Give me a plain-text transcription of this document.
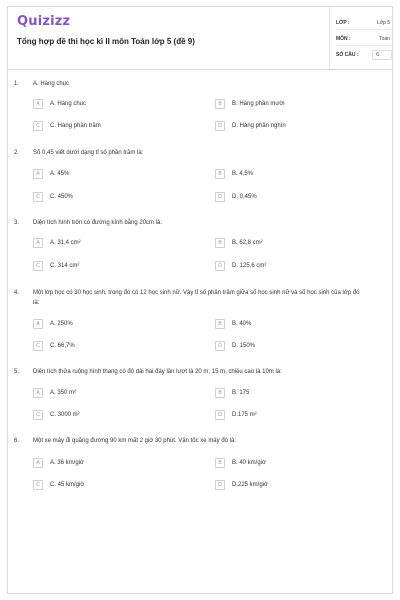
Quizizz
Tổng hợp đề thi học kì II môn Toán lớp 5 (đề 9)
LỚP :	Lớp 5
MÔN :	Toán
SỐ CÂU :	6
1. A. Hàng chục
A	A. Hàng chục	B	B. Hàng phần mười
C	C. Hàng phần trăm	D	D. Hàng phần nghìn
2. Số 0,45 viết dưới dạng tỉ số phần trăm là:
A	A. 45%	B	B. 4,5%
C	C. 450%	D	D. 0,45%
3. Diện tích hình tròn có đường kính bằng 20cm là:
A	A. 31,4 cm²	B	B. 62,8 cm²
C	C. 314 cm²	D	D. 125,6 cm²
4. Một lớp học có 30 học sinh, trong đó có 12 học sinh nữ. Vậy tỉ số phần trăm giữa số học sinh nữ và số học sinh của lớp đó là:
A	A. 250%	B	B. 40%
C	C. 66,7%	D	D. 150%
5. Diện tích thửa ruộng hình thang có độ dài hai đáy lần lượt là 20 m; 15 m, chiều cao là 10m là:
A	A. 350 m²	B	B. 175
C	C. 3000 m²	D	D.175 m²
6. Một xe máy đi quãng đường 90 km mất 2 giờ 30 phút. Vận tốc xe máy đó là:
A	A. 36 km/giờ	B	B. 40 km/giờ
C	C. 45 km/giờ	D	D.225 km/giờ
